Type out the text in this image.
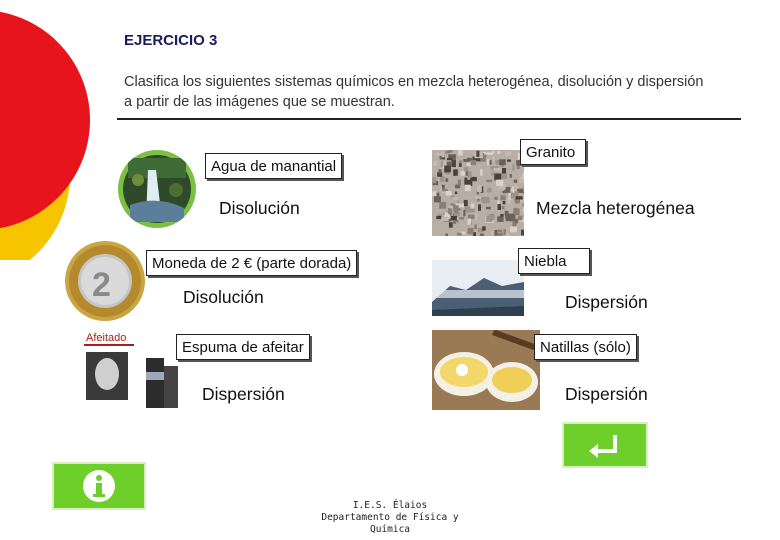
EJERCICIO 3
Clasifica los siguientes sistemas químicos en mezcla heterogénea, disolución y dispersión a partir de las imágenes que se muestran.
Agua de manantial
Disolución
Granito
Mezcla heterogénea
2
Moneda de 2 € (parte dorada)
Disolución
Niebla
Dispersión
Afeitado
Espuma de afeitar
Dispersión
Natillas (sólo)
Dispersión
I.E.S. Élaios
Departamento de Física y Química
